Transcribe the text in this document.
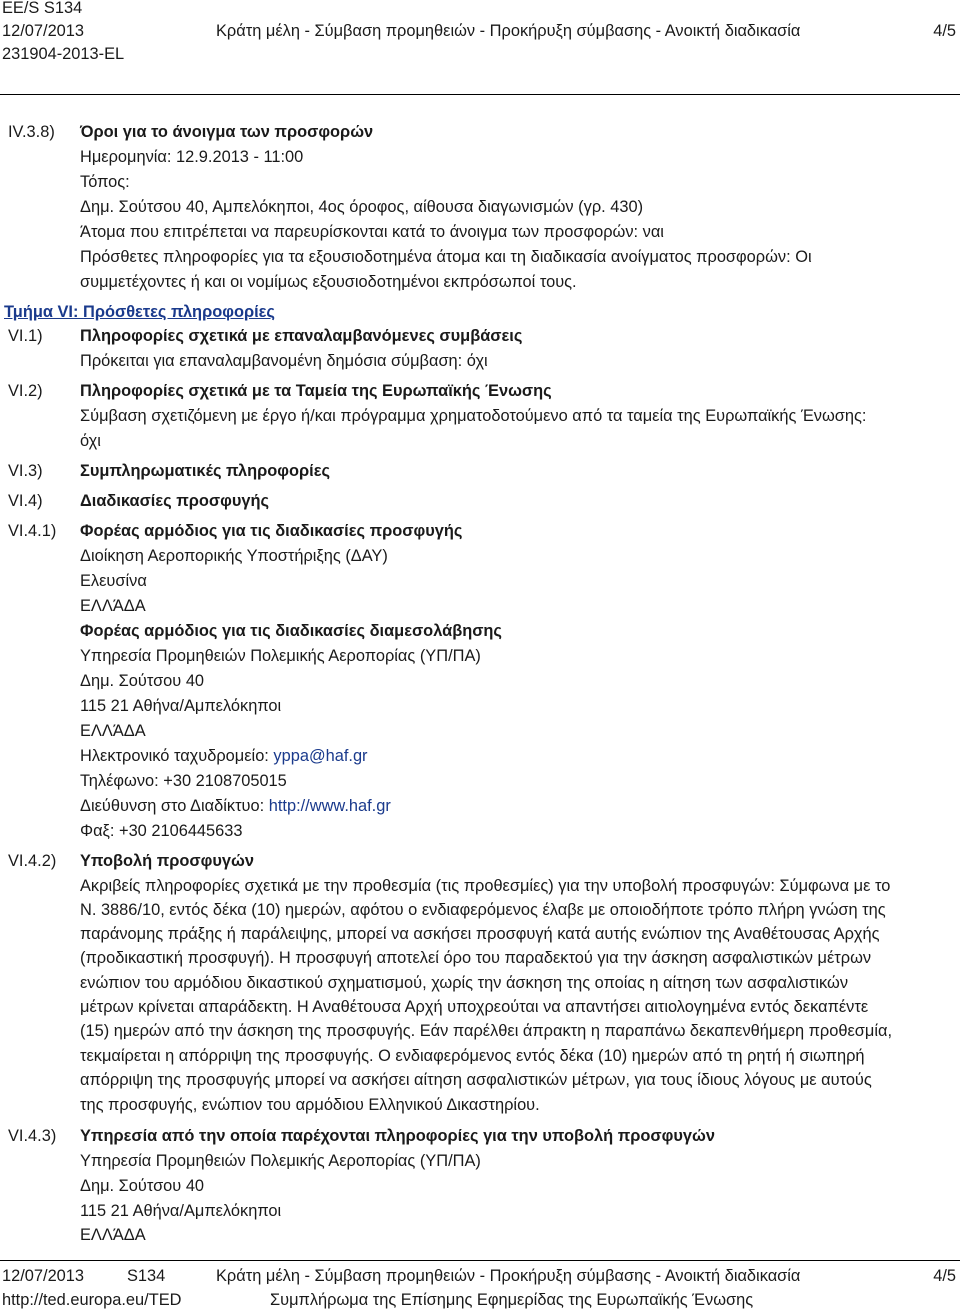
EE/S S134
12/07/2013
231904-2013-EL
Κράτη μέλη - Σύμβαση προμηθειών - Προκήρυξη σύμβασης - Ανοικτή διαδικασία	4/5
IV.3.8) Όροι για το άνοιγμα των προσφορών
Ημερομηνία: 12.9.2013 - 11:00
Τόπος:
Δημ. Σούτσου 40, Αμπελόκηποι, 4ος όροφος, αίθουσα διαγωνισμών (γρ. 430)
Άτομα που επιτρέπεται να παρευρίσκονται κατά το άνοιγμα των προσφορών: ναι
Πρόσθετες πληροφορίες για τα εξουσιοδοτημένα άτομα και τη διαδικασία ανοίγματος προσφορών: Οι
συμμετέχοντες ή και οι νομίμως εξουσιοδοτημένοι εκπρόσωποί τους.
Τμήμα VI: Πρόσθετες πληροφορίες
VI.1) Πληροφορίες σχετικά με επαναλαμβανόμενες συμβάσεις
Πρόκειται για επαναλαμβανομένη δημόσια σύμβαση: όχι
VI.2) Πληροφορίες σχετικά με τα Ταμεία της Ευρωπαϊκής Ένωσης
Σύμβαση σχετιζόμενη με έργο ή/και πρόγραμμα χρηματοδοτούμενο από τα ταμεία της Ευρωπαϊκής Ένωσης:
όχι
VI.3) Συμπληρωματικές πληροφορίες
VI.4) Διαδικασίες προσφυγής
VI.4.1) Φορέας αρμόδιος για τις διαδικασίες προσφυγής
Διοίκηση Αεροπορικής Υποστήριξης (ΔΑΥ)
Ελευσίνα
ΕΛΛΆΔΑ
Φορέας αρμόδιος για τις διαδικασίες διαμεσολάβησης
Υπηρεσία Προμηθειών Πολεμικής Αεροπορίας (ΥΠ/ΠΑ)
Δημ. Σούτσου 40
115 21 Αθήνα/Αμπελόκηποι
ΕΛΛΆΔΑ
Ηλεκτρονικό ταχυδρομείο: yppa@haf.gr
Τηλέφωνο: +30 2108705015
Διεύθυνση στο Διαδίκτυο: http://www.haf.gr
Φαξ: +30 2106445633
VI.4.2) Υποβολή προσφυγών
Ακριβείς πληροφορίες σχετικά με την προθεσμία (τις προθεσμίες) για την υποβολή προσφυγών: Σύμφωνα με το
Ν. 3886/10, εντός δέκα (10) ημερών, αφότου ο ενδιαφερόμενος έλαβε με οποιοδήποτε τρόπο πλήρη γνώση της
παράνομης πράξης ή παράλειψης, μπορεί να ασκήσει προσφυγή κατά αυτής ενώπιον της Αναθέτουσας Αρχής
(προδικαστική προσφυγή). Η προσφυγή αποτελεί όρο του παραδεκτού για την άσκηση ασφαλιστικών μέτρων
ενώπιον του αρμόδιου δικαστικού σχηματισμού, χωρίς την άσκηση της οποίας η αίτηση των ασφαλιστικών
μέτρων κρίνεται απαράδεκτη. Η Αναθέτουσα Αρχή υποχρεούται να απαντήσει αιτιολογημένα εντός δεκαπέντε
(15) ημερών από την άσκηση της προσφυγής. Εάν παρέλθει άπρακτη η παραπάνω δεκαπενθήμερη προθεσμία,
τεκμαίρεται η απόρριψη της προσφυγής. Ο ενδιαφερόμενος εντός δέκα (10) ημερών από τη ρητή ή σιωπηρή
απόρριψη της προσφυγής μπορεί να ασκήσει αίτηση ασφαλιστικών μέτρων, για τους ίδιους λόγους με αυτούς
της προσφυγής, ενώπιον του αρμόδιου Ελληνικού Δικαστηρίου.
VI.4.3) Υπηρεσία από την οποία παρέχονται πληροφορίες για την υποβολή προσφυγών
Υπηρεσία Προμηθειών Πολεμικής Αεροπορίας (ΥΠ/ΠΑ)
Δημ. Σούτσου 40
115 21 Αθήνα/Αμπελόκηποι
ΕΛΛΆΔΑ
12/07/2013	S134	Κράτη μέλη - Σύμβαση προμηθειών - Προκήρυξη σύμβασης - Ανοικτή διαδικασία	4/5
http://ted.europa.eu/TED	Συμπλήρωμα της Επίσημης Εφημερίδας της Ευρωπαϊκής Ένωσης
